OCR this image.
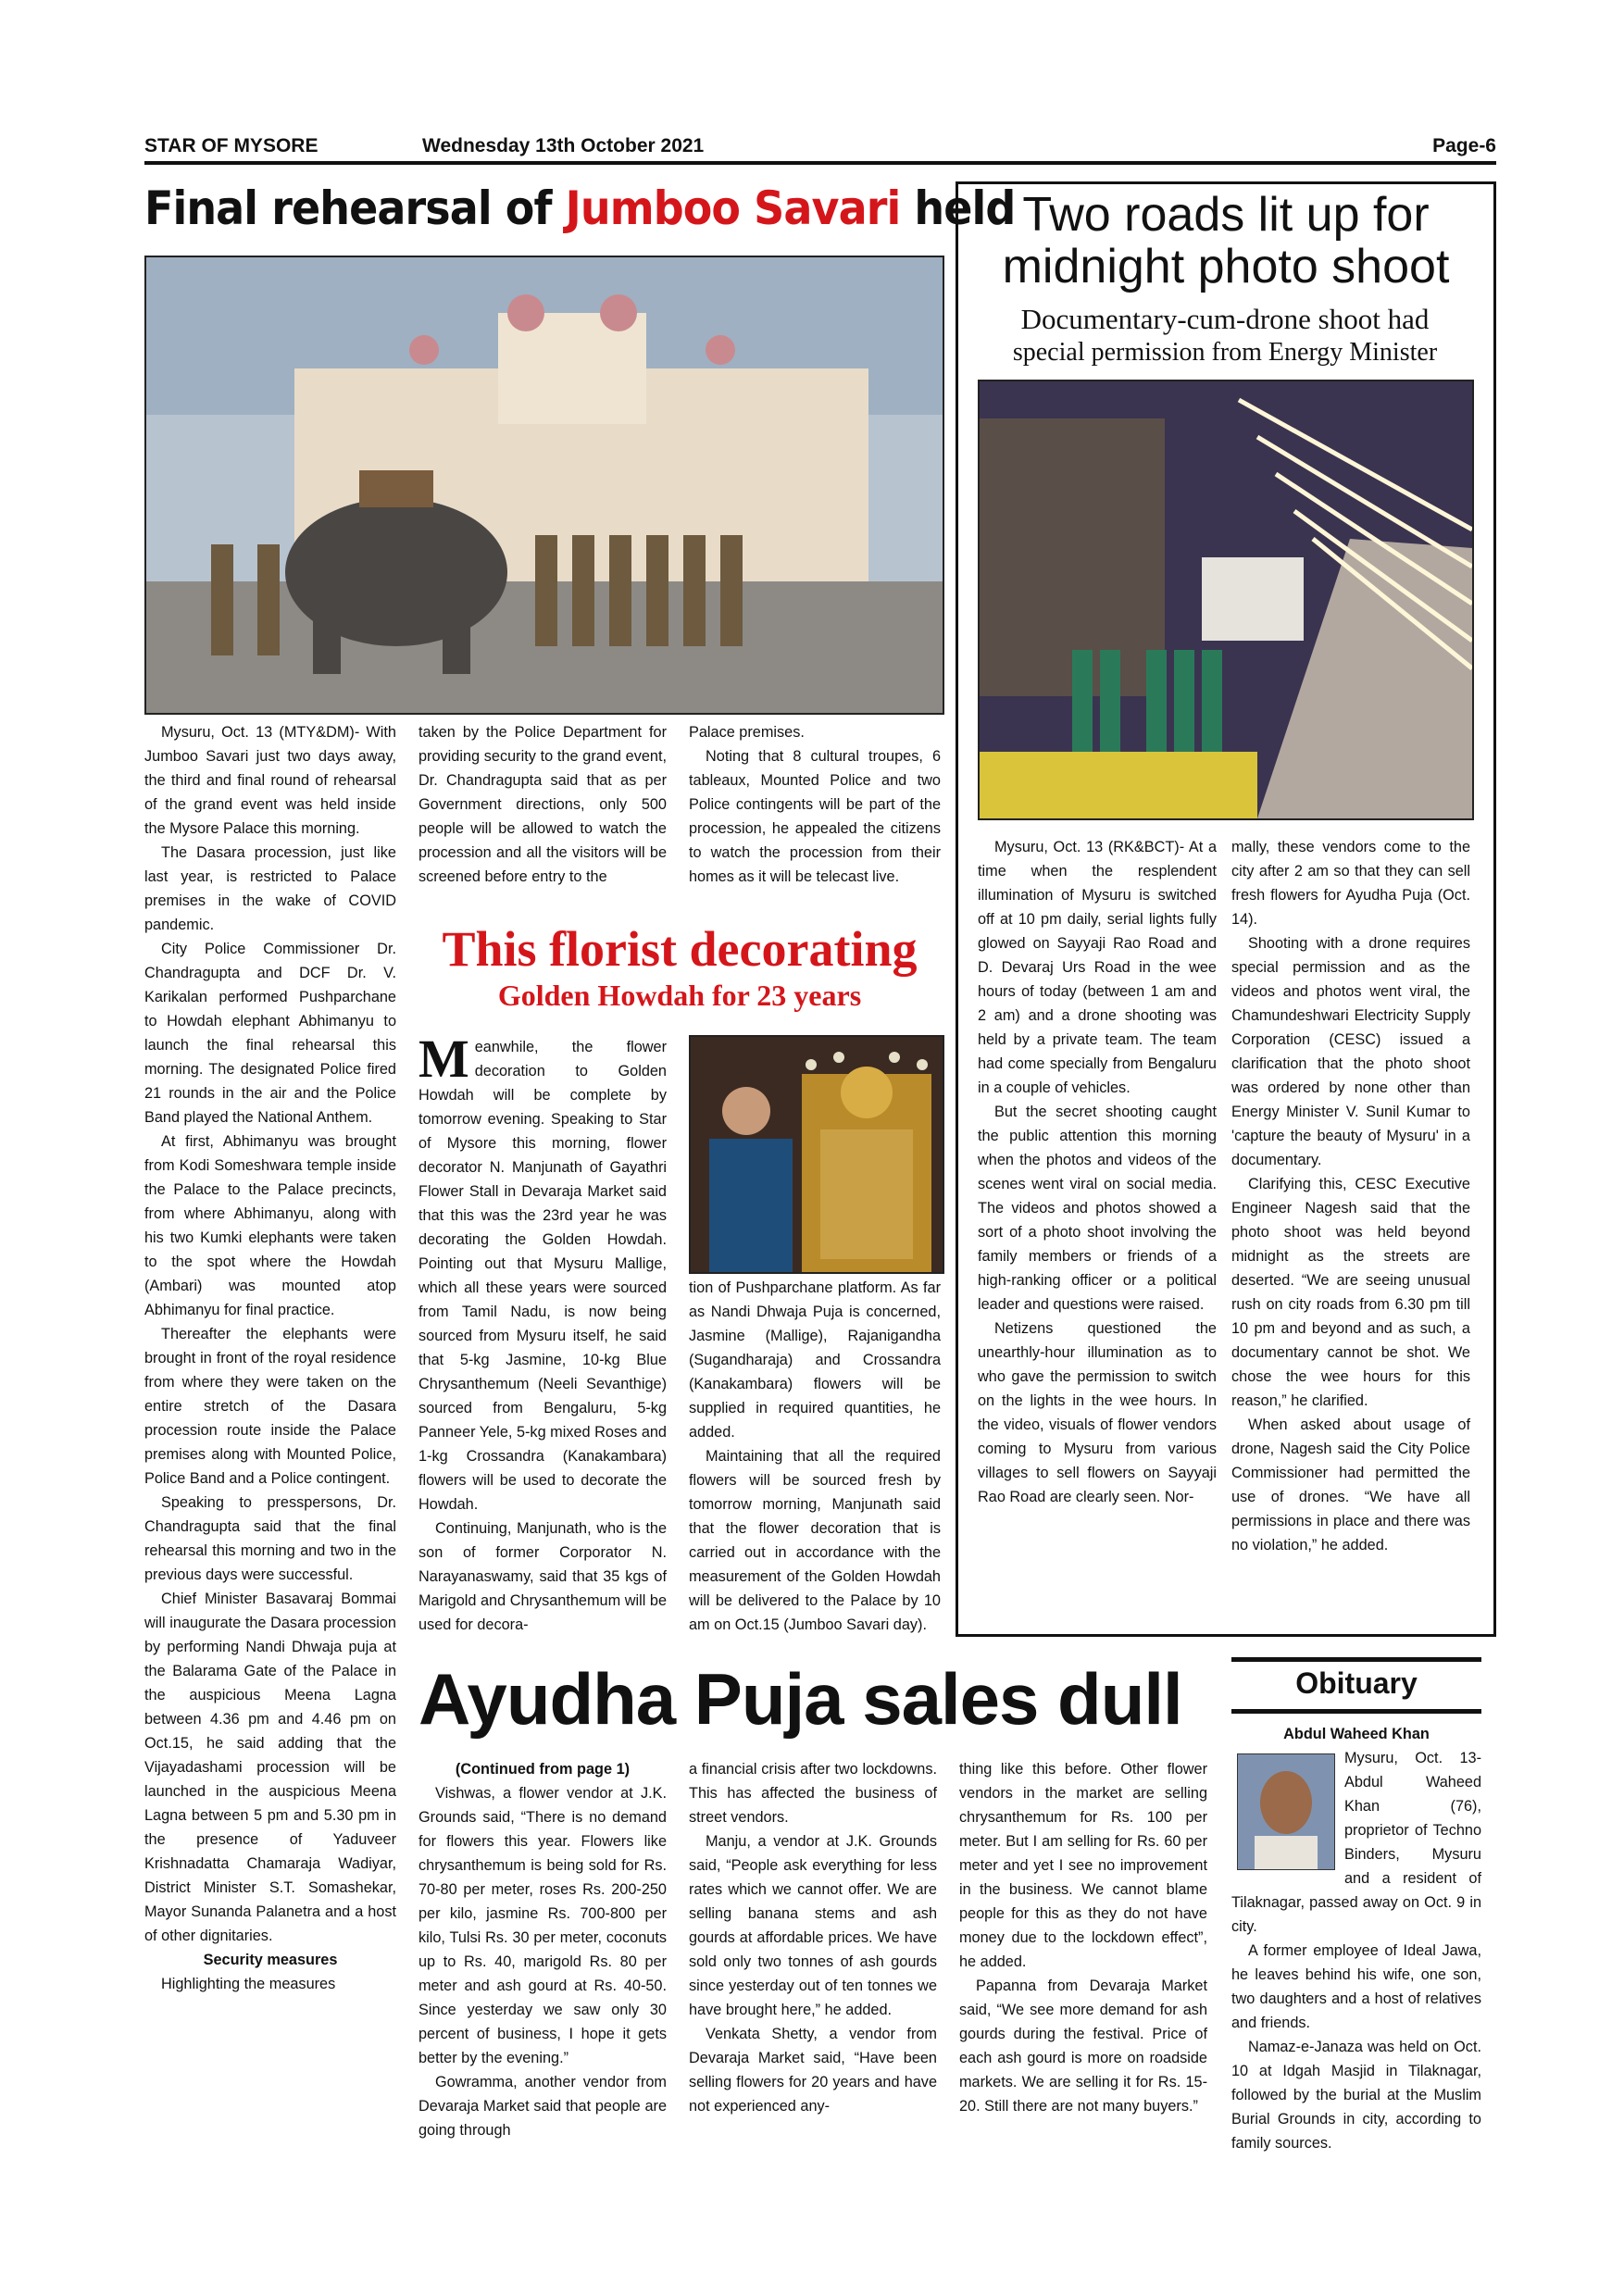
STAR OF MYSORE	Wednesday 13th October 2021	Page-6
Final rehearsal of Jumboo Savari held

Mysuru, Oct. 13 (MTY&DM)- With Jumboo Savari just two days away, the third and final round of rehearsal of the grand event was held inside the Mysore Palace this morning.

The Dasara procession, just like last year, is restricted to Palace premises in the wake of COVID pandemic.

City Police Commissioner Dr. Chandragupta and DCF Dr. V. Karikalan performed Pushparchane to Howdah elephant Abhimanyu to launch the final rehearsal this morning. The designated Police fired 21 rounds in the air and the Police Band played the National Anthem.

At first, Abhimanyu was brought from Kodi Someshwara temple inside the Palace to the Palace precincts, from where Abhimanyu, along with his two Kumki elephants were taken to the spot where the Howdah (Ambari) was mounted atop Abhimanyu for final practice.

Thereafter the elephants were brought in front of the royal residence from where they were taken on the entire stretch of the Dasara procession route inside the Palace premises along with Mounted Police, Police Band and a Police contingent.

Speaking to presspersons, Dr. Chandragupta said that the final rehearsal this morning and two in the previous days were successful.

Chief Minister Basavaraj Bommai will inaugurate the Dasara procession by performing Nandi Dhwaja puja at the Balarama Gate of the Palace in the auspicious Meena Lagna between 4.36 pm and 4.46 pm on Oct.15, he said adding that the Vijayadashami procession will be launched in the auspicious Meena Lagna between 5 pm and 5.30 pm in the presence of Yaduveer Krishnadatta Chamaraja Wadiyar, District Minister S.T. Somashekar, Mayor Sunanda Palanetra and a host of other dignitaries.

Security measures

Highlighting the measures

taken by the Police Department for providing security to the grand event, Dr. Chandragupta said that as per Government directions, only 500 people will be allowed to watch the procession and all the visitors will be screened before entry to the

Palace premises.

Noting that 8 cultural troupes, 6 tableaux, Mounted Police and two Police contingents will be part of the procession, he appealed the citizens to watch the procession from their homes as it will be telecast live.

This florist decorating
Golden Howdah for 23 years

Meanwhile, the flower decoration to Golden Howdah will be complete by tomorrow evening. Speaking to Star of Mysore this morning, flower decorator N. Manjunath of Gayathri Flower Stall in Devaraja Market said that this was the 23rd year he was decorating the Golden Howdah. Pointing out that Mysuru Mallige, which all these years were sourced from Tamil Nadu, is now being sourced from Mysuru itself, he said that 5-kg Jasmine, 10-kg Blue Chrysanthemum (Neeli Sevanthige) sourced from Bengaluru, 5-kg Panneer Yele, 5-kg mixed Roses and 1-kg Crossandra (Kanakambara) flowers will be used to decorate the Howdah.

Continuing, Manjunath, who is the son of former Corporator N. Narayanaswamy, said that 35 kgs of Marigold and Chrysanthemum will be used for decora-

tion of Pushparchane platform. As far as Nandi Dhwaja Puja is concerned, Jasmine (Mallige), Rajanigandha (Sugandharaja) and Crossandra (Kanakambara) flowers will be supplied in required quantities, he added.

Maintaining that all the required flowers will be sourced fresh by tomorrow morning, Manjunath said that the flower decoration that is carried out in accordance with the measurement of the Golden Howdah will be delivered to the Palace by 10 am on Oct.15 (Jumboo Savari day).

Two roads lit up for midnight photo shoot
Documentary-cum-drone shoot had
special permission from Energy Minister

Mysuru, Oct. 13 (RK&BCT)- At a time when the resplendent illumination of Mysuru is switched off at 10 pm daily, serial lights fully glowed on Sayyaji Rao Road and D. Devaraj Urs Road in the wee hours of today (between 1 am and 2 am) and a drone shooting was held by a private team. The team had come specially from Bengaluru in a couple of vehicles.

But the secret shooting caught the public attention this morning when the photos and videos of the scenes went viral on social media. The videos and photos showed a sort of a photo shoot involving the family members or friends of a high-ranking officer or a political leader and questions were raised.

Netizens questioned the unearthly-hour illumination as to who gave the permission to switch on the lights in the wee hours. In the video, visuals of flower vendors coming to Mysuru from various villages to sell flowers on Sayyaji Rao Road are clearly seen. Nor-

mally, these vendors come to the city after 2 am so that they can sell fresh flowers for Ayudha Puja (Oct. 14).

Shooting with a drone requires special permission and as the videos and photos went viral, the Chamundeshwari Electricity Supply Corporation (CESC) issued a clarification that the photo shoot was ordered by none other than Energy Minister V. Sunil Kumar to 'capture the beauty of Mysuru' in a documentary.

Clarifying this, CESC Executive Engineer Nagesh said that the photo shoot was held beyond midnight as the streets are deserted. “We are seeing unusual rush on city roads from 6.30 pm till 10 pm and beyond and as such, a documentary cannot be shot. We chose the wee hours for this reason,” he clarified.

When asked about usage of drone, Nagesh said the City Police Commissioner had permitted the use of drones. “We have all permissions in place and there was no violation,” he added.

Ayudha Puja sales dull

(Continued from page 1)

Vishwas, a flower vendor at J.K. Grounds said, “There is no demand for flowers this year. Flowers like chrysanthemum is being sold for Rs. 70-80 per meter, roses Rs. 200-250 per kilo, jasmine Rs. 700-800 per kilo, Tulsi Rs. 30 per meter, coconuts up to Rs. 40, marigold Rs. 80 per meter and ash gourd at Rs. 40-50. Since yesterday we saw only 30 percent of business, I hope it gets better by the evening.”

Gowramma, another vendor from Devaraja Market said that people are going through

a financial crisis after two lockdowns. This has affected the business of street vendors.

Manju, a vendor at J.K. Grounds said, “People ask everything for less rates which we cannot offer. We are selling banana stems and ash gourds at affordable prices. We have sold only two tonnes of ash gourds since yesterday out of ten tonnes we have brought here,” he added.

Venkata Shetty, a vendor from Devaraja Market said, “Have been selling flowers for 20 years and have not experienced any-

thing like this before. Other flower vendors in the market are selling chrysanthemum for Rs. 100 per meter. But I am selling for Rs. 60 per meter and yet I see no improvement in the business. We cannot blame people for this as they do not have money due to the lockdown effect”, he added.

Papanna from Devaraja Market said, “We see more demand for ash gourds during the festival. Price of each ash gourd is more on roadside markets. We are selling it for Rs. 15-20. Still there are not many buyers.”

Obituary

Abdul Waheed Khan

Mysuru, Oct. 13- Abdul Waheed Khan (76), proprietor of Techno Binders, Mysuru and a resident of Tilaknagar, passed away on Oct. 9 in city.

A former employee of Ideal Jawa, he leaves behind his wife, one son, two daughters and a host of relatives and friends.

Namaz-e-Janaza was held on Oct. 10 at Idgah Masjid in Tilaknagar, followed by the burial at the Muslim Burial Grounds in city, according to family sources.
